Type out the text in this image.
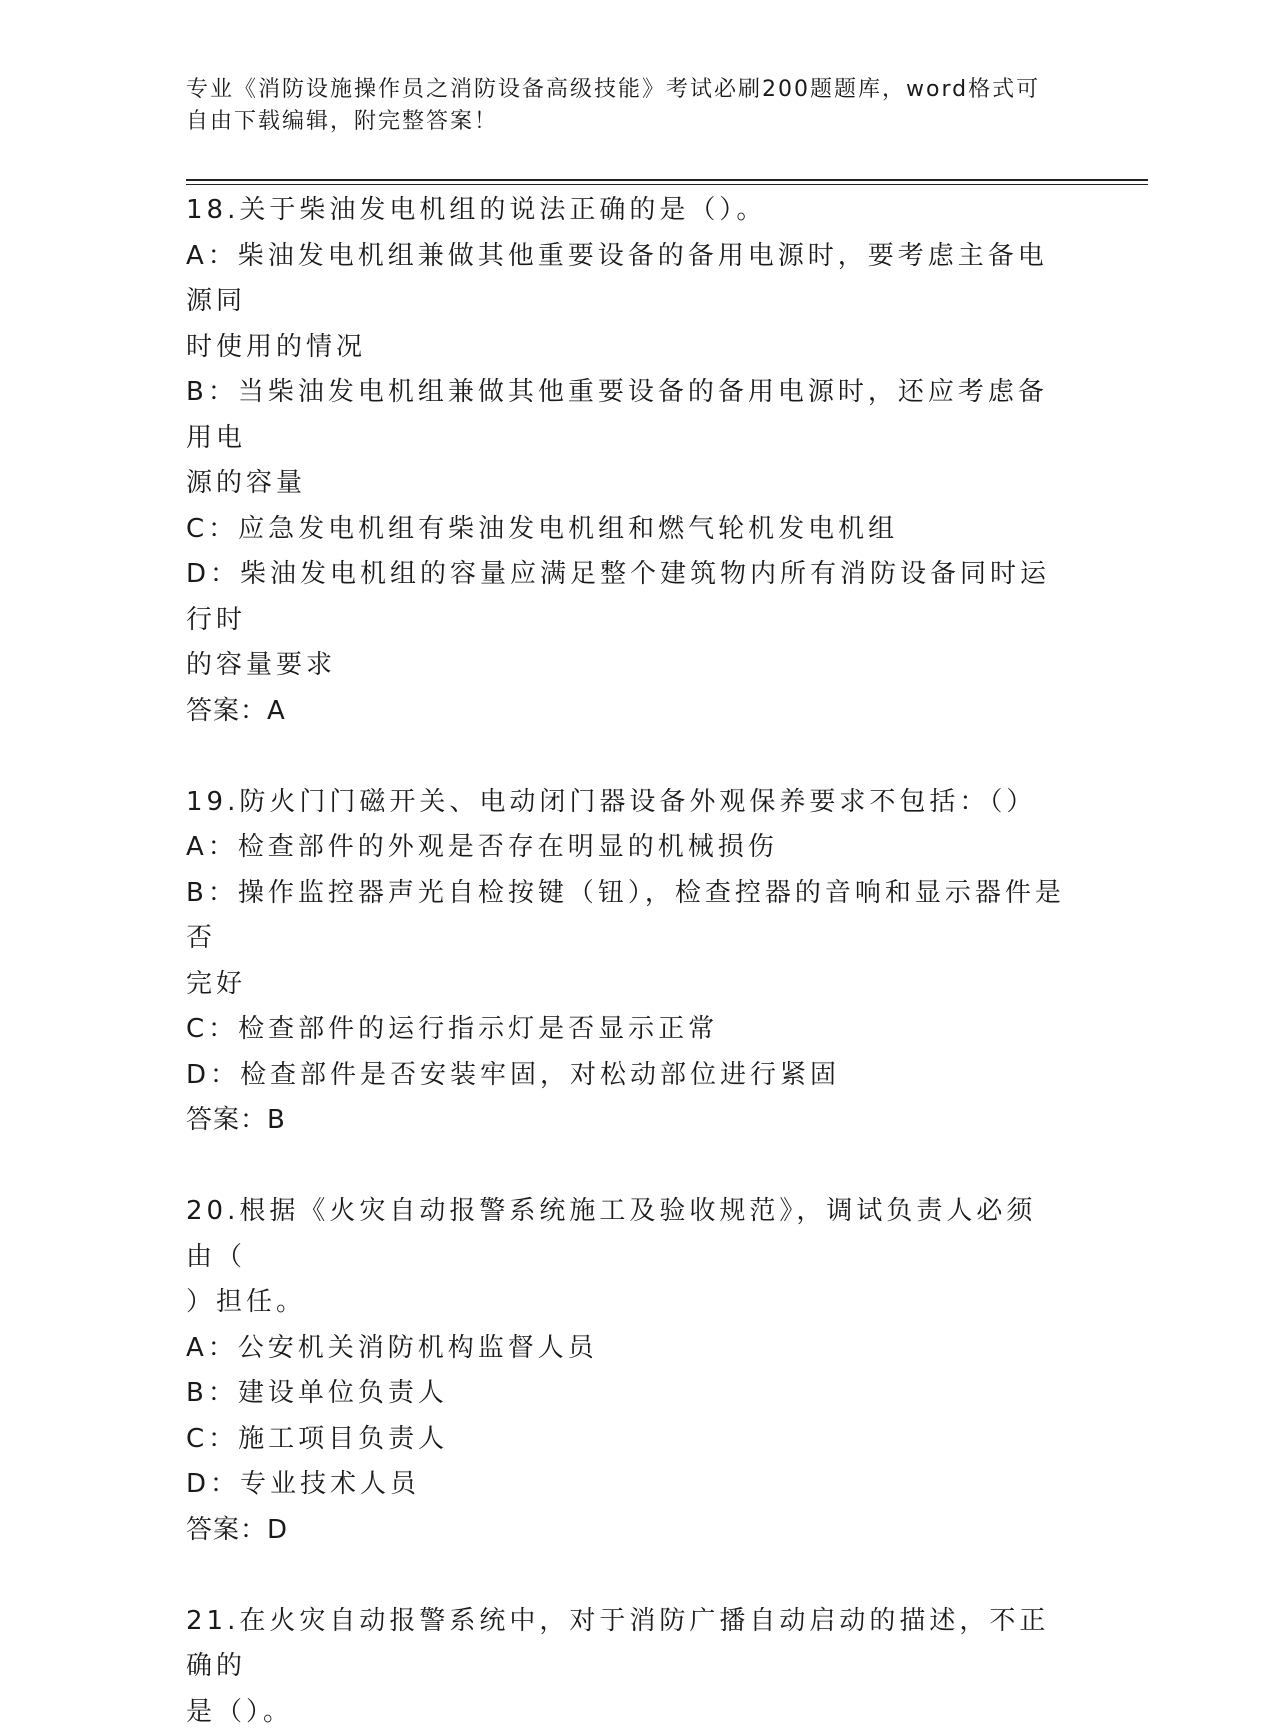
专业《消防设施操作员之消防设备高级技能》考试必刷200题题库，word格式可
自由下载编辑，附完整答案！

18.关于柴油发电机组的说法正确的是（）。

A：柴油发电机组兼做其他重要设备的备用电源时，要考虑主备电源同

时使用的情况

B：当柴油发电机组兼做其他重要设备的备用电源时，还应考虑备用电

源的容量

C：应急发电机组有柴油发电机组和燃气轮机发电机组

D：柴油发电机组的容量应满足整个建筑物内所有消防设备同时运行时

的容量要求

答案：A

19.防火门门磁开关、电动闭门器设备外观保养要求不包括：（）

A：检查部件的外观是否存在明显的机械损伤

B：操作监控器声光自检按键（钮），检查控器的音响和显示器件是否

完好

C：检查部件的运行指示灯是否显示正常

D：检查部件是否安装牢固，对松动部位进行紧固

答案：B

20.根据《火灾自动报警系统施工及验收规范》，调试负责人必须由（

）担任。

A：公安机关消防机构监督人员

B：建设单位负责人

C：施工项目负责人

D：专业技术人员

答案：D

21.在火灾自动报警系统中，对于消防广播自动启动的描述，不正确的

是（）。
